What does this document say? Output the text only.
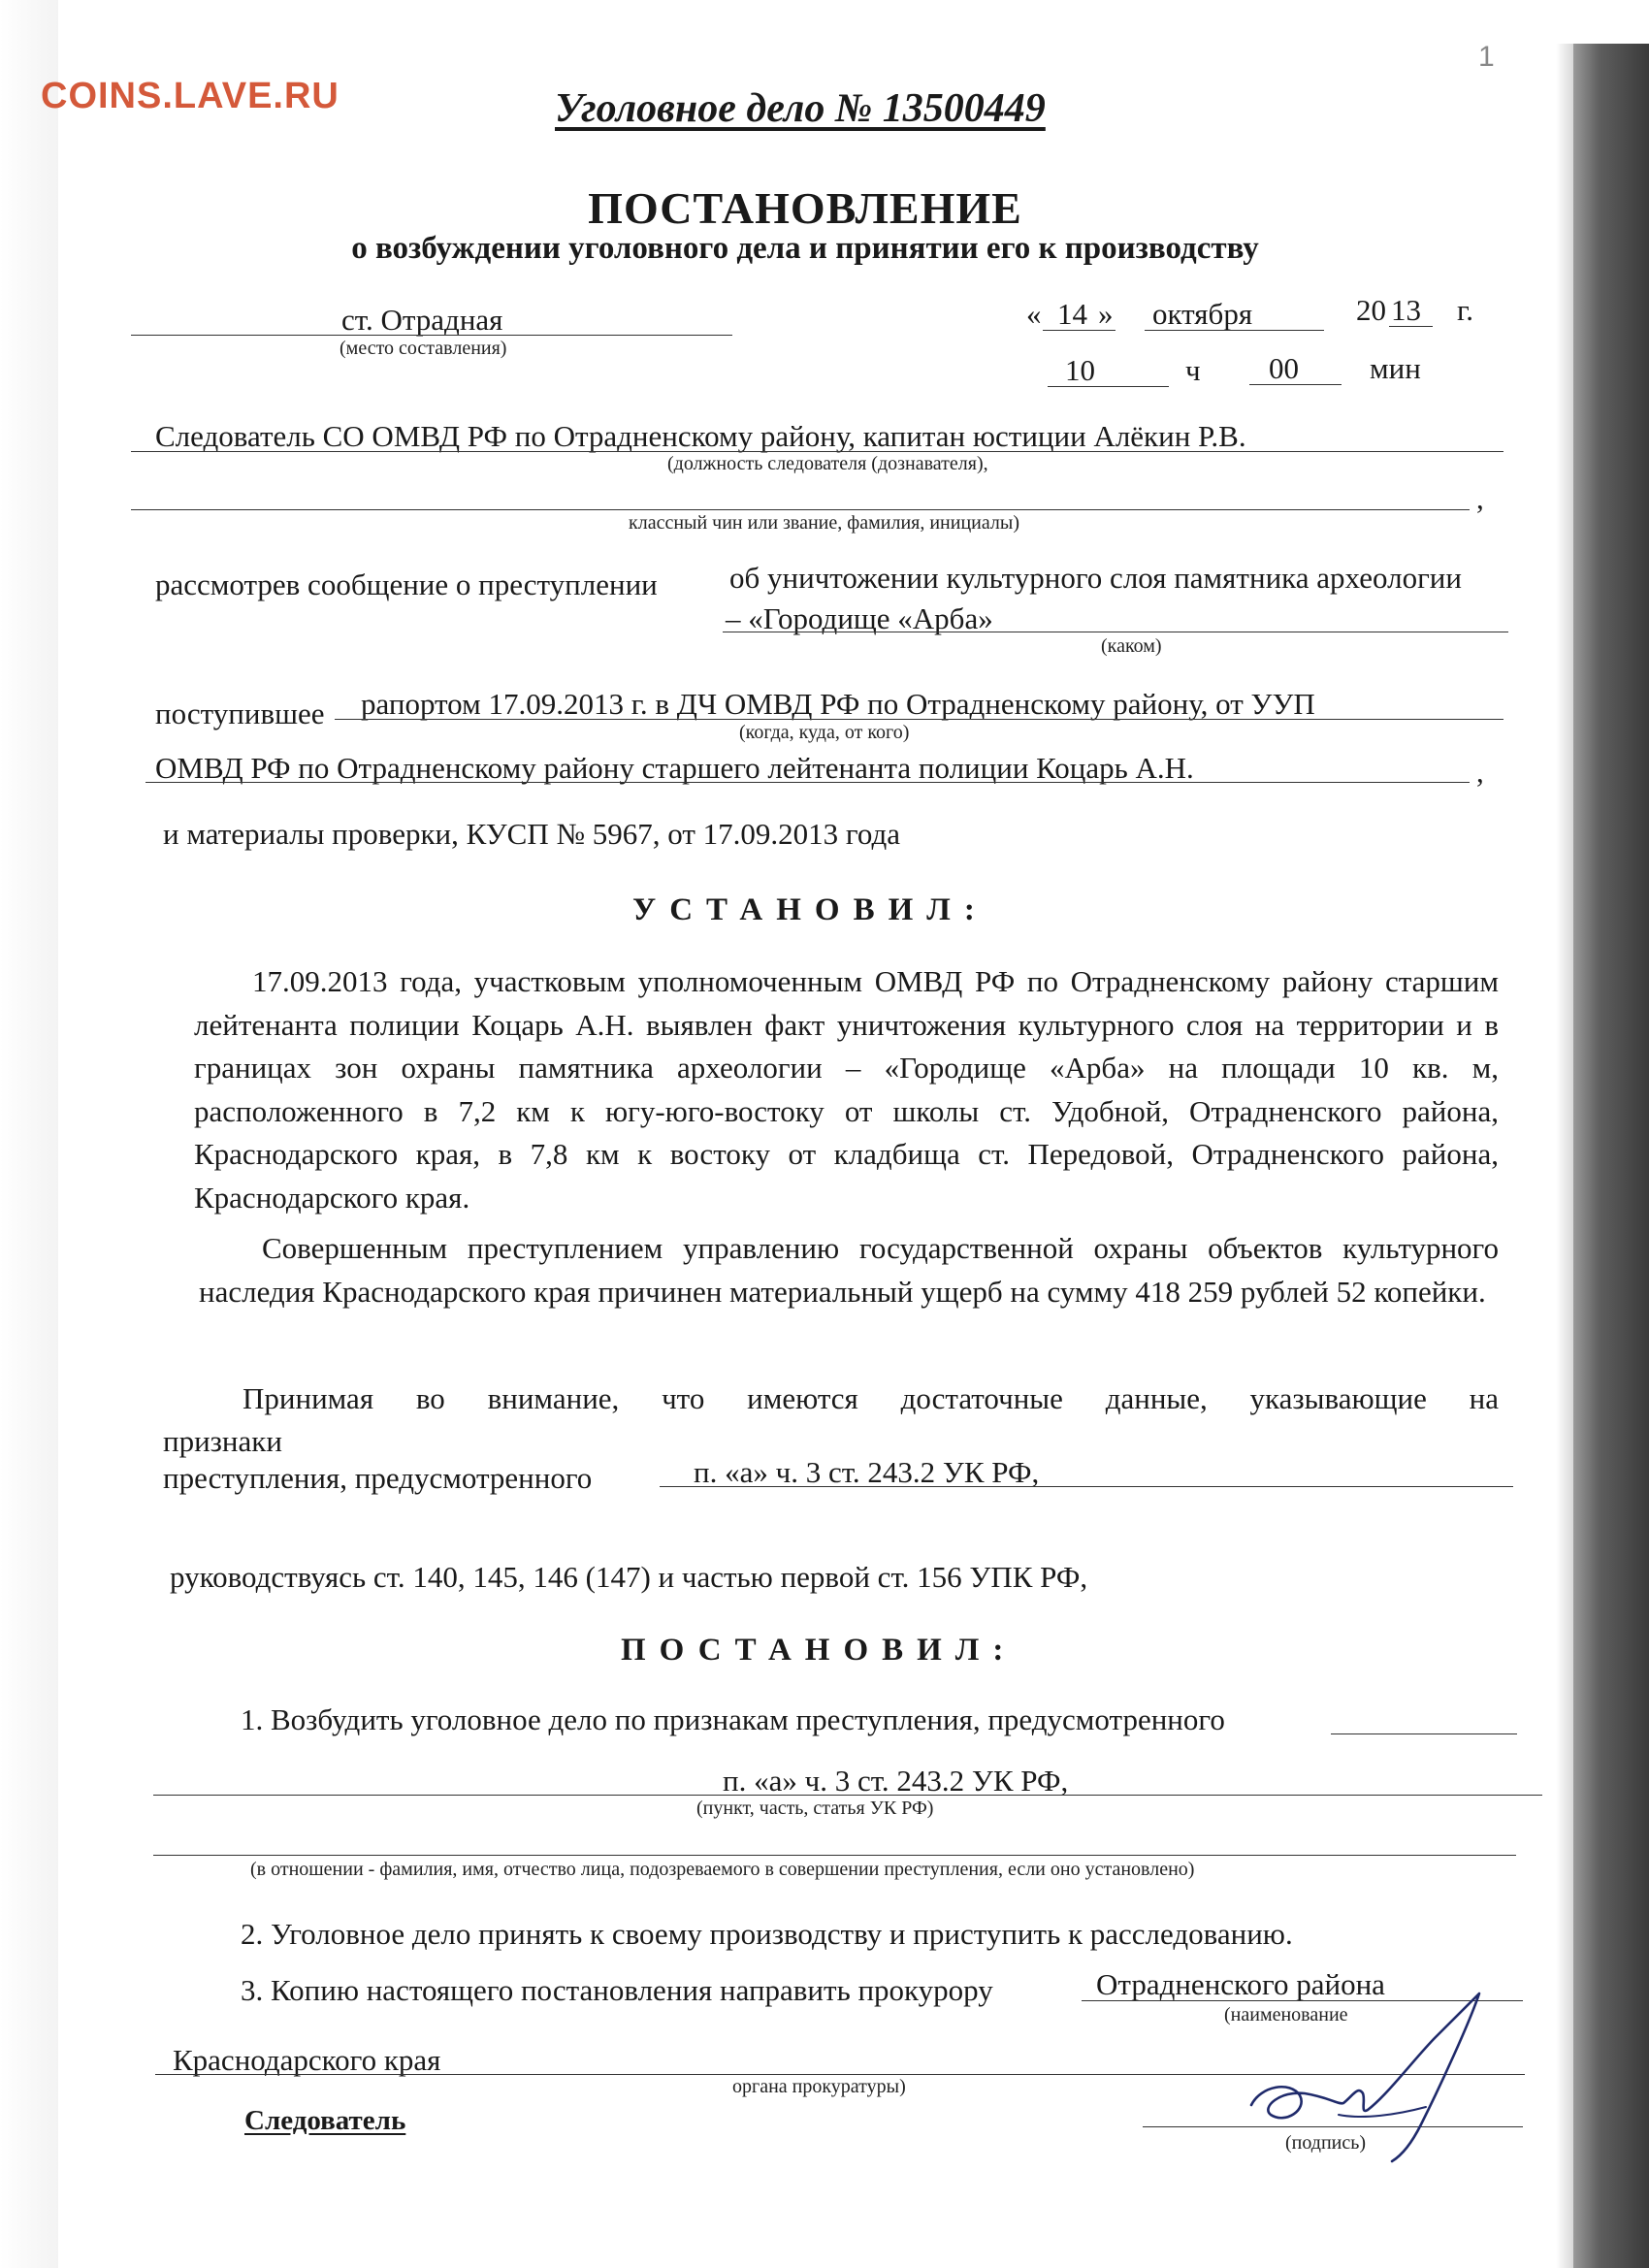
COINS.LAVE.RU
1
Уголовное дело № 13500449
ПОСТАНОВЛЕНИЕ
о возбуждении уголовного дела и принятии его к производству
ст. Отрадная
(место составления)
« 14 » октября	20 13 г.
10	ч 00 мин
Следователь СО ОМВД РФ по Отрадненскому району, капитан юстиции Алёкин Р.В.
(должность следователя (дознавателя),
,
классный чин или звание, фамилия, инициалы)
рассмотрев сообщение о преступлении об уничтожении культурного слоя памятника археологии
– «Городище «Арба»
(каком)
поступившее рапортом 17.09.2013 г. в ДЧ ОМВД РФ по Отрадненскому району, от УУП
(когда, куда, от кого)
ОМВД РФ по Отрадненскому району старшего лейтенанта полиции Коцарь А.Н.	,
и материалы проверки, КУСП № 5967, от 17.09.2013 года
УСТАНОВИЛ:
17.09.2013 года, участковым уполномоченным ОМВД РФ по Отрадненскому району старшим лейтенанта полиции Коцарь А.Н. выявлен факт уничтожения культурного слоя на территории и в границах зон охраны памятника археологии – «Городище «Арба» на площади 10 кв. м, расположенного в 7,2 км к югу-юго-востоку от школы ст. Удобной, Отрадненского района, Краснодарского края, в 7,8 км к востоку от кладбища ст. Передовой, Отрадненского района, Краснодарского края.
Совершенным преступлением управлению государственной охраны объектов культурного наследия Краснодарского края причинен материальный ущерб на сумму 418 259 рублей 52 копейки.
Принимая во внимание, что имеются достаточные данные, указывающие на
признаки
преступления, предусмотренного	п. «а» ч. 3 ст. 243.2 УК РФ,
руководствуясь ст. 140, 145, 146 (147) и частью первой ст. 156 УПК РФ,
ПОСТАНОВИЛ:
1. Возбудить уголовное дело по признакам преступления, предусмотренного
п. «а» ч. 3 ст. 243.2 УК РФ,
(пункт, часть, статья УК РФ)
(в отношении - фамилия, имя, отчество лица, подозреваемого в совершении преступления, если оно установлено)
2. Уголовное дело принять к своему производству и приступить к расследованию.
3. Копию настоящего постановления направить прокурору	Отрадненского района
(наименование
Краснодарского края
органа прокуратуры)
Следователь
(подпись)
